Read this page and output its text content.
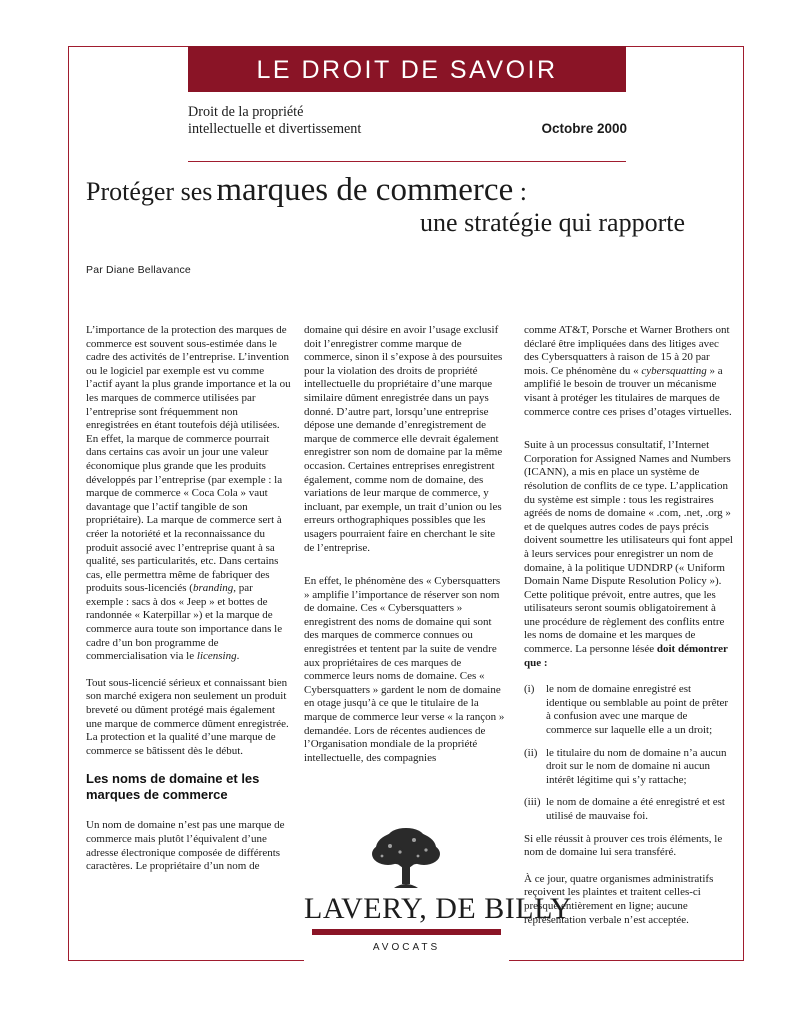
LE DROIT DE SAVOIR
Droit de la propriété
intellectuelle et divertissement	Octobre 2000
Protéger ses marques de commerce :
une stratégie qui rapporte
Par Diane Bellavance

L’importance de la protection des marques de commerce est souvent sous-estimée dans le cadre des activités de l’entreprise. L’invention ou le logiciel par exemple est vu comme l’actif ayant la plus grande importance et la ou les marques de commerce utilisées par l’entreprise sont fréquemment non enregistrées en étant toutefois déjà utilisées. En effet, la marque de commerce pourrait dans certains cas avoir un jour une valeur économique plus grande que les produits développés par l’entreprise (par exemple : la marque de commerce « Coca Cola » vaut davantage que l’actif tangible de son propriétaire). La marque de commerce sert à créer la notoriété et la reconnaissance du produit associé avec l’entreprise quant à sa qualité, ses particularités, etc. Dans certains cas, elle permettra même de fabriquer des produits sous-licenciés (branding, par exemple : sacs à dos « Jeep » et bottes de randonnée « Katerpillar ») et la marque de commerce aura toute son importance dans le cadre d’un bon programme de commercialisation via le licensing.

Tout sous-licencié sérieux et connaissant bien son marché exigera non seulement un produit breveté ou dûment protégé mais également une marque de commerce dûment enregistrée. La protection et la qualité d’une marque de commerce se bâtissent dès le début.

Les noms de domaine et les marques de commerce

Un nom de domaine n’est pas une marque de commerce mais plutôt l’équivalent d’une adresse électronique composée de différents caractères. Le propriétaire d’un nom de

domaine qui désire en avoir l’usage exclusif doit l’enregistrer comme marque de commerce, sinon il s’expose à des poursuites pour la violation des droits de propriété intellectuelle du propriétaire d’une marque similaire dûment enregistrée dans un pays donné. D’autre part, lorsqu’une entreprise dépose une demande d’enregistrement de marque de commerce elle devrait également enregistrer son nom de domaine par la même occasion. Certaines entreprises enregistrent également, comme nom de domaine, des variations de leur marque de commerce, y incluant, par exemple, un trait d’union ou les erreurs orthographiques possibles que les usagers pourraient faire en cherchant le site de l’entreprise.

En effet, le phénomène des « Cybersquatters » amplifie l’importance de réserver son nom de domaine. Ces « Cybersquatters » enregistrent des noms de domaine qui sont des marques de commerce connues ou enregistrées et tentent par la suite de vendre aux propriétaires de ces marques de commerce leurs noms de domaine. Ces « Cybersquatters » gardent le nom de domaine en otage jusqu’à ce que le titulaire de la marque de commerce leur verse « la rançon » demandée. Lors de récentes audiences de l’Organisation mondiale de la propriété intellectuelle, des compagnies

comme AT&T, Porsche et Warner Brothers ont déclaré être impliquées dans des litiges avec des Cybersquatters à raison de 15 à 20 par mois. Ce phénomène du « cybersquatting » a amplifié le besoin de trouver un mécanisme visant à protéger les titulaires de marques de commerce contre ces prises d’otages virtuelles.

Suite à un processus consultatif, l’Internet Corporation for Assigned Names and Numbers (ICANN), a mis en place un système de résolution de conflits de ce type. L’application du système est simple : tous les registraires agréés de noms de domaine « .com, .net, .org » et de quelques autres codes de pays précis doivent soumettre les utilisateurs qui font appel à leurs services pour enregistrer un nom de domaine, à la politique UDNDRP (« Uniform Domain Name Dispute Resolution Policy »). Cette politique prévoit, entre autres, que les utilisateurs seront soumis obligatoirement à une procédure de règlement des conflits entre les noms de domaine et les marques de commerce. La personne lésée doit démontrer que :

(i)	le nom de domaine enregistré est identique ou semblable au point de prêter à confusion avec une marque de commerce sur laquelle elle a un droit;
(ii) le titulaire du nom de domaine n’a aucun droit sur le nom de domaine ni aucun intérêt légitime qui s’y rattache;
(iii) le nom de domaine a été enregistré et est utilisé de mauvaise foi.

Si elle réussit à prouver ces trois éléments, le nom de domaine lui sera transféré.

À ce jour, quatre organismes administratifs reçoivent les plaintes et traitent celles-ci presque entièrement en ligne; aucune représentation verbale n’est acceptée.

LAVERY, DE BILLY
AVOCATS
